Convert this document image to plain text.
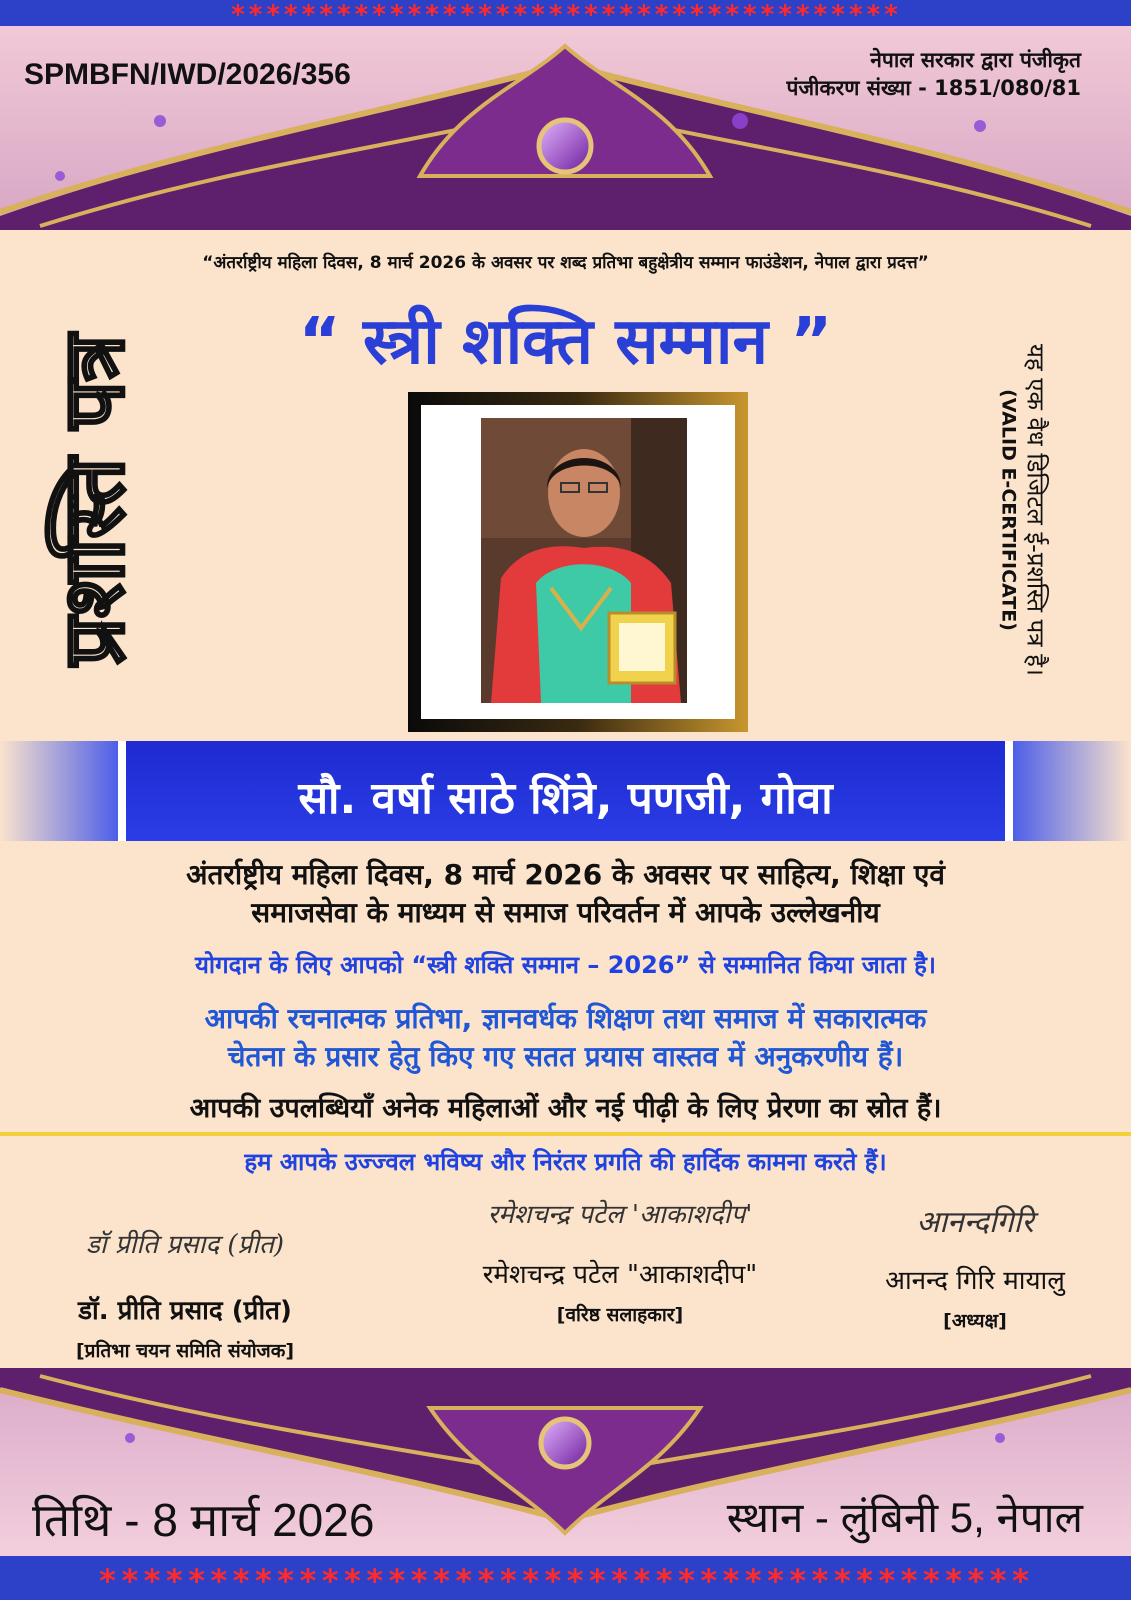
**************************************
SPMBFN/IWD/2026/356	नेपाल सरकार द्वारा पंजीकृत
पंजीकरण संख्या - 1851/080/81
“अंतर्राष्ट्रीय महिला दिवस, 8 मार्च 2026 के अवसर पर शब्द प्रतिभा बहुक्षेत्रीय सम्मान फाउंडेशन, नेपाल द्वारा प्रदत्त”
“ स्त्री शक्ति सम्मान ”
प्रशस्ति पत्र	यह एक वैध डिजिटल ई-प्रशस्ति पत्र है।
(VALID E-CERTIFICATE)
सौ. वर्षा साठे शिंत्रे, पणजी, गोवा
अंतर्राष्ट्रीय महिला दिवस, 8 मार्च 2026 के अवसर पर साहित्य, शिक्षा एवं
समाजसेवा के माध्यम से समाज परिवर्तन में आपके उल्लेखनीय
योगदान के लिए आपको “स्त्री शक्ति सम्मान – 2026” से सम्मानित किया जाता है।
आपकी रचनात्मक प्रतिभा, ज्ञानवर्धक शिक्षण तथा समाज में सकारात्मक
चेतना के प्रसार हेतु किए गए सतत प्रयास वास्तव में अनुकरणीय हैं।
आपकी उपलब्धियाँ अनेक महिलाओं और नई पीढ़ी के लिए प्रेरणा का स्रोत हैं।
हम आपके उज्ज्वल भविष्य और निरंतर प्रगति की हार्दिक कामना करते हैं।
डॉ प्रीति प्रसाद (प्रीत)
डॉ. प्रीति प्रसाद (प्रीत)
[प्रतिभा चयन समिति संयोजक]
रमेशचन्द्र पटेल 'आकाशदीप'
रमेशचन्द्र पटेल "आकाशदीप"
[वरिष्ठ सलाहकार]
आनन्दगिरि
आनन्द गिरि मायालु
[अध्यक्ष]
तिथि - 8 मार्च 2026	स्थान - लुंबिनी 5, नेपाल
******************************************
